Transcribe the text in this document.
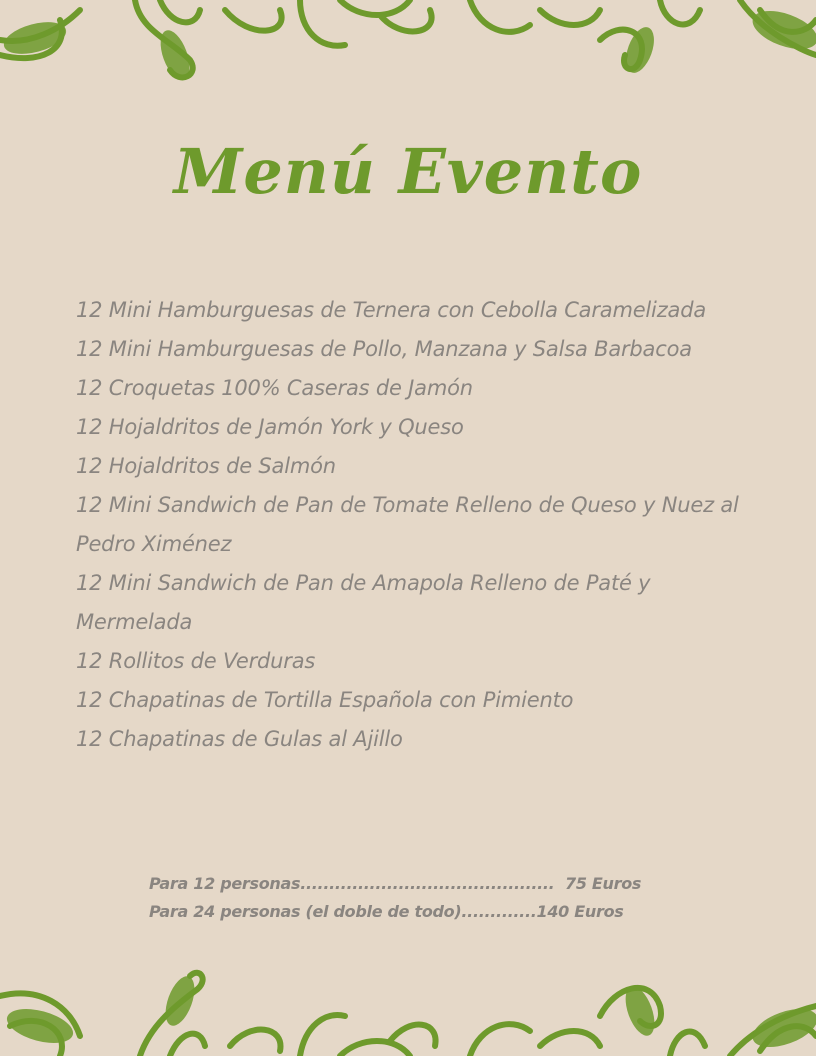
Menú Evento
12 Mini Hamburguesas de Ternera con Cebolla Caramelizada
12 Mini Hamburguesas de Pollo, Manzana y Salsa Barbacoa
12 Croquetas 100% Caseras de Jamón
12 Hojaldritos de Jamón York y Queso
12 Hojaldritos de Salmón
12 Mini Sandwich de Pan de Tomate Relleno de Queso y Nuez al Pedro Ximénez
12 Mini Sandwich de Pan de Amapola Relleno de Paté y Mermelada
12 Rollitos de Verduras
12 Chapatinas de Tortilla Española con Pimiento
12 Chapatinas de Gulas al Ajillo
Para 12 personas............................................  75 Euros
Para 24 personas (el doble de todo).............140 Euros
